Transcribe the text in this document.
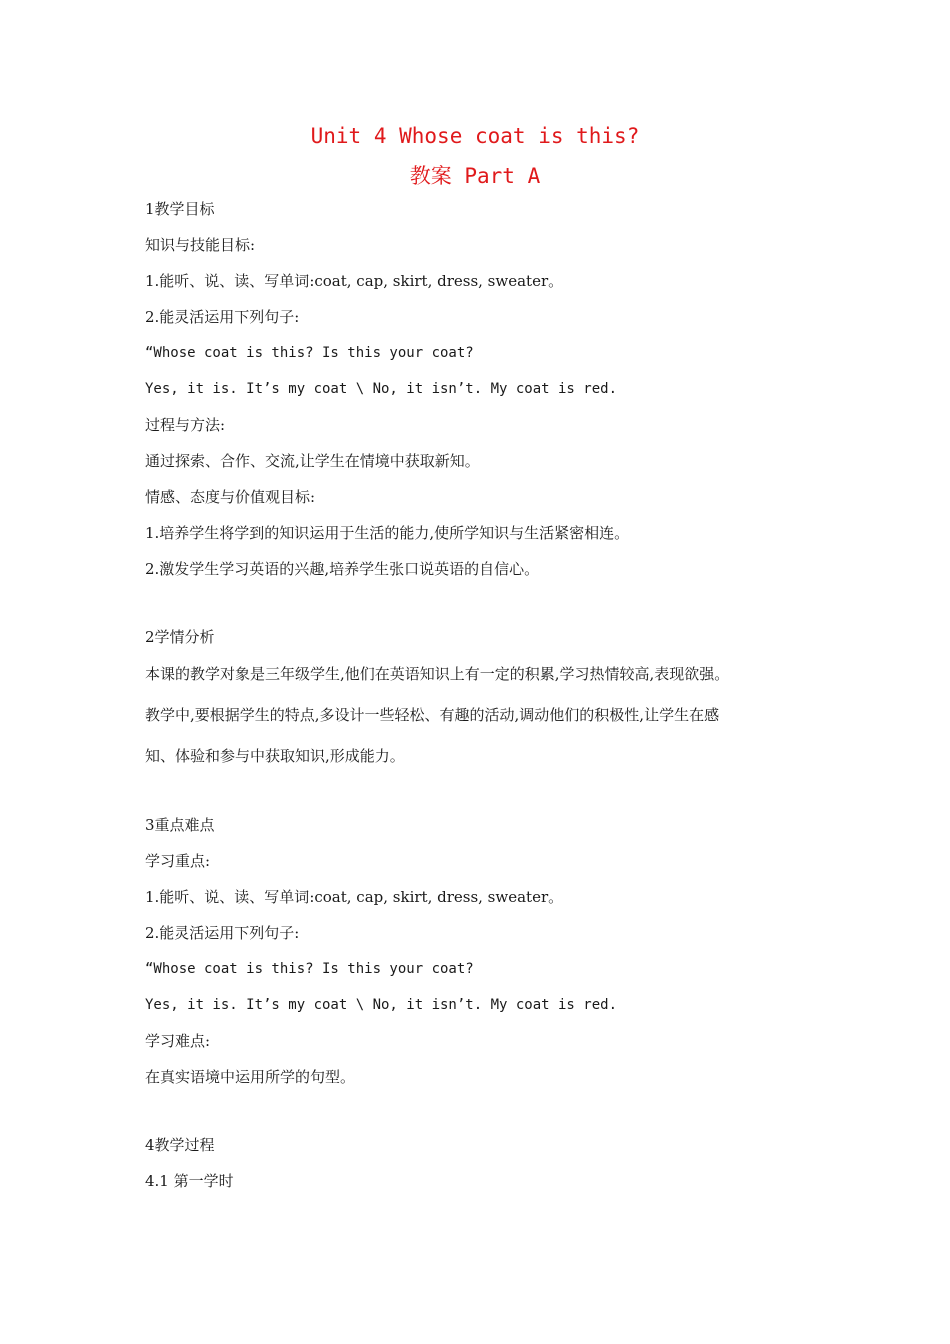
Unit 4 Whose coat is this?
教案 Part A
1教学目标
知识与技能目标:
1.能听、说、读、写单词:coat, cap, skirt, dress, sweater。
2.能灵活运用下列句子:
“Whose coat is this? Is this your coat?
Yes, it is. It’s my coat \ No, it isn’t. My coat is red.
过程与方法:
通过探索、合作、交流,让学生在情境中获取新知。
情感、态度与价值观目标:
1.培养学生将学到的知识运用于生活的能力,使所学知识与生活紧密相连。
2.激发学生学习英语的兴趣,培养学生张口说英语的自信心。
2学情分析
本课的教学对象是三年级学生,他们在英语知识上有一定的积累,学习热情较高,表现欲强。
教学中,要根据学生的特点,多设计一些轻松、有趣的活动,调动他们的积极性,让学生在感
知、体验和参与中获取知识,形成能力。
3重点难点
学习重点:
1.能听、说、读、写单词:coat, cap, skirt, dress, sweater。
2.能灵活运用下列句子:
“Whose coat is this? Is this your coat?
Yes, it is. It’s my coat \ No, it isn’t. My coat is red.
学习难点:
在真实语境中运用所学的句型。
4教学过程
4.1 第一学时
